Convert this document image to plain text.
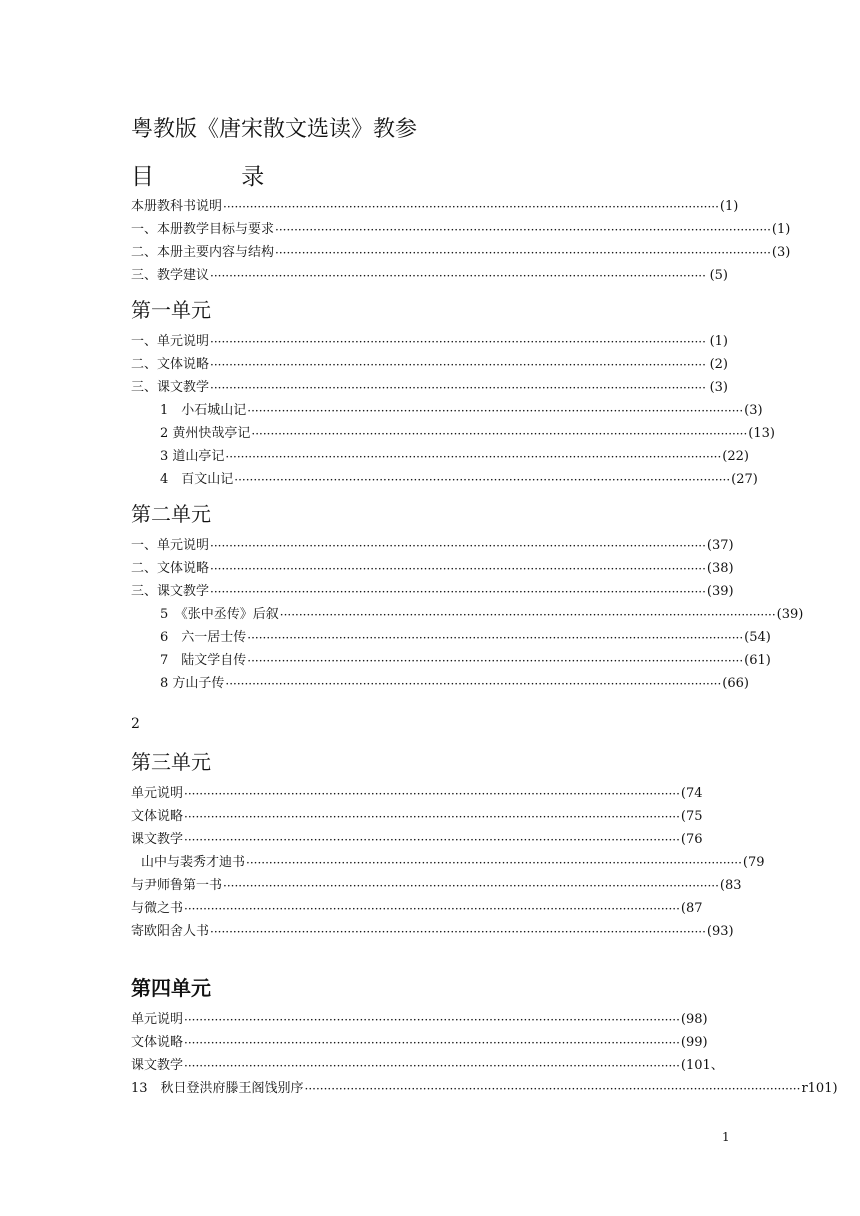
粤教版《唐宋散文选读》教参
目 录
本册教科书说明 ·································································································································· (1)
一、本册教学目标与要求 ·································································································································· (1)
二、本册主要内容与结构 ·································································································································· (3)
三、教学建议 ·································································································································· (5)
第一单元
一、单元说明 ·································································································································· (1)
二、文体说略 ·································································································································· (2)
三、课文教学 ·································································································································· (3)
1　小石城山记 ·································································································································· (3)
2 黄州快哉亭记 ·································································································································· (13)
3 道山亭记 ·································································································································· (22)
4　百文山记 ·································································································································· (27)
第二单元
一、单元说明 ·································································································································· (37)
二、文体说略 ·································································································································· (38)
三、课文教学 ·································································································································· (39)
5　《张中丞传》后叙 ·································································································································· (39)
6　六一居士传 ·································································································································· (54)
7　陆文学自传 ·································································································································· (61)
8 方山子传 ·································································································································· (66)
2
第三单元
单元说明 ·································································································································· (74
文体说略 ·································································································································· (75
课文教学 ·································································································································· (76
山中与裴秀才迪书 ·································································································································· (79
与尹师鲁第一书 ·································································································································· (83
与微之书 ·································································································································· (87
寄欧阳舍人书 ·································································································································· (93)
第四单元
单元说明 ·································································································································· (98)
文体说略 ·································································································································· (99)
课文教学 ·································································································································· (101、
13　秋日登洪府滕王阁饯别序 ·································································································································· r101)
1
